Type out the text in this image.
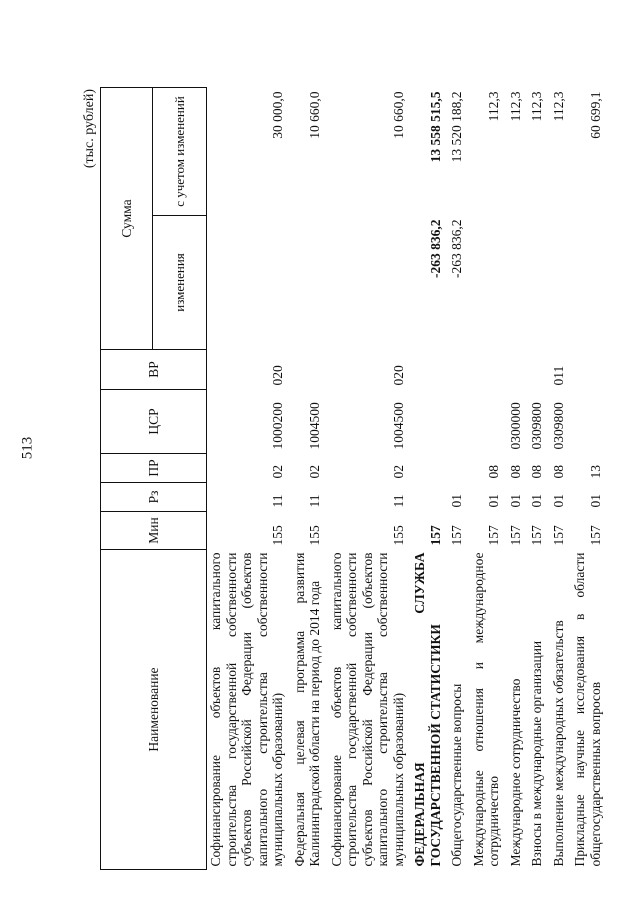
513
(тыс. рублей)
Наименование	Мин	Рз	ПР	ЦСР	ВР	Сумма	
						изменения	с учетом изменений
Софинансирование объектов капитального строительства государственной собственности субъектов Российской Федерации (объектов капитального строительства собственности муниципальных образований)	155	11	02	1000200	020		30 000,0
Федеральная целевая программа развития Калининградской области на период до 2014 года	155	11	02	1004500			10 660,0
Софинансирование объектов капитального строительства государственной собственности субъектов Российской Федерации (объектов капитального строительства собственности муниципальных образований)	155	11	02	1004500	020		10 660,0
ФЕДЕРАЛЬНАЯ СЛУЖБА ГОСУДАРСТВЕННОЙ СТАТИСТИКИ	157					-263 836,2	13 558 515,5
Общегосударственные вопросы	157	01				-263 836,2	13 520 188,2
Международные отношения и международное сотрудничество	157	01	08				112,3
Международное сотрудничество	157	01	08	0300000			112,3
Взносы в международные организации	157	01	08	0309800			112,3
Выполнение международных обязательств	157	01	08	0309800	011		112,3
Прикладные научные исследования в области общегосударственных вопросов	157	01	13				60 699,1
